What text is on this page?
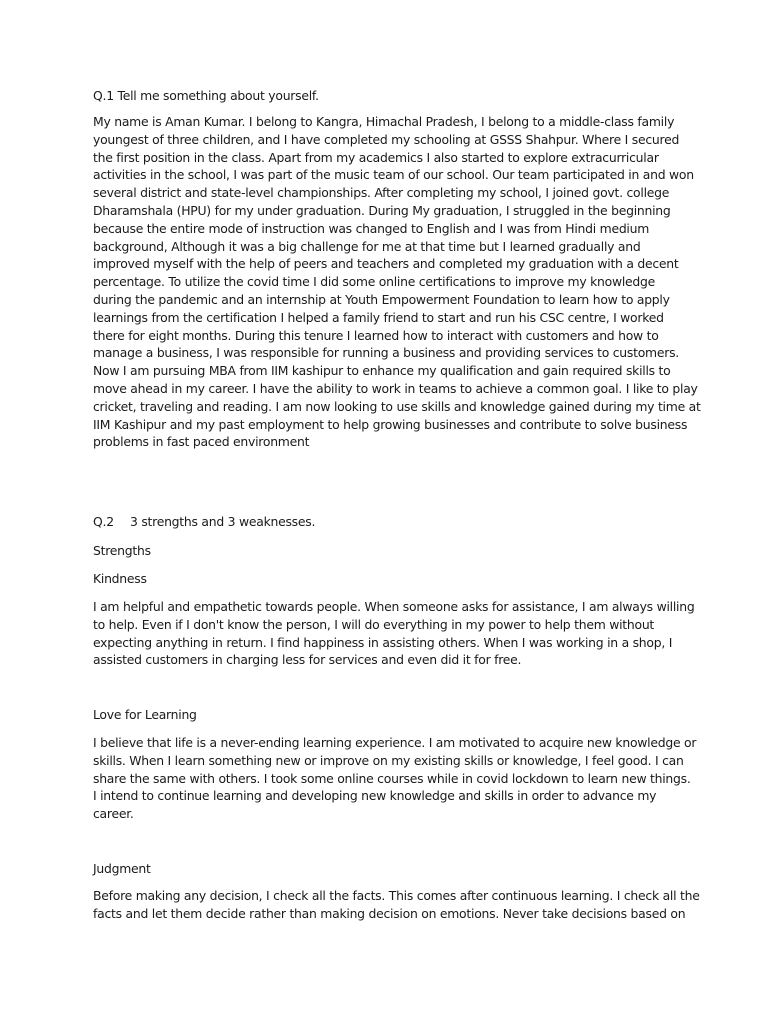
Q.1 Tell me something about yourself.
My name is Aman Kumar. I belong to Kangra, Himachal Pradesh, I belong to a middle-class family
youngest of three children, and I have completed my schooling at GSSS Shahpur. Where I secured
the first position in the class. Apart from my academics I also started to explore extracurricular
activities in the school, I was part of the music team of our school. Our team participated in and won
several district and state-level championships. After completing my school, I joined govt. college
Dharamshala (HPU) for my under graduation. During My graduation, I struggled in the beginning
because the entire mode of instruction was changed to English and I was from Hindi medium
background, Although it was a big challenge for me at that time but I learned gradually and
improved myself with the help of peers and teachers and completed my graduation with a decent
percentage. To utilize the covid time I did some online certifications to improve my knowledge
during the pandemic and an internship at Youth Empowerment Foundation to learn how to apply
learnings from the certification I helped a family friend to start and run his CSC centre, I worked
there for eight months. During this tenure I learned how to interact with customers and how to
manage a business, I was responsible for running a business and providing services to customers.
Now I am pursuing MBA from IIM kashipur to enhance my qualification and gain required skills to
move ahead in my career. I have the ability to work in teams to achieve a common goal. I like to play
cricket, traveling and reading. I am now looking to use skills and knowledge gained during my time at
IIM Kashipur and my past employment to help growing businesses and contribute to solve business
problems in fast paced environment
Q.2 3 strengths and 3 weaknesses.
Strengths
Kindness
I am helpful and empathetic towards people. When someone asks for assistance, I am always willing
to help. Even if I don't know the person, I will do everything in my power to help them without
expecting anything in return. I find happiness in assisting others. When I was working in a shop, I
assisted customers in charging less for services and even did it for free.
Love for Learning
I believe that life is a never-ending learning experience. I am motivated to acquire new knowledge or
skills. When I learn something new or improve on my existing skills or knowledge, I feel good. I can
share the same with others. I took some online courses while in covid lockdown to learn new things.
I intend to continue learning and developing new knowledge and skills in order to advance my
career.
Judgment
Before making any decision, I check all the facts. This comes after continuous learning. I check all the
facts and let them decide rather than making decision on emotions. Never take decisions based on
